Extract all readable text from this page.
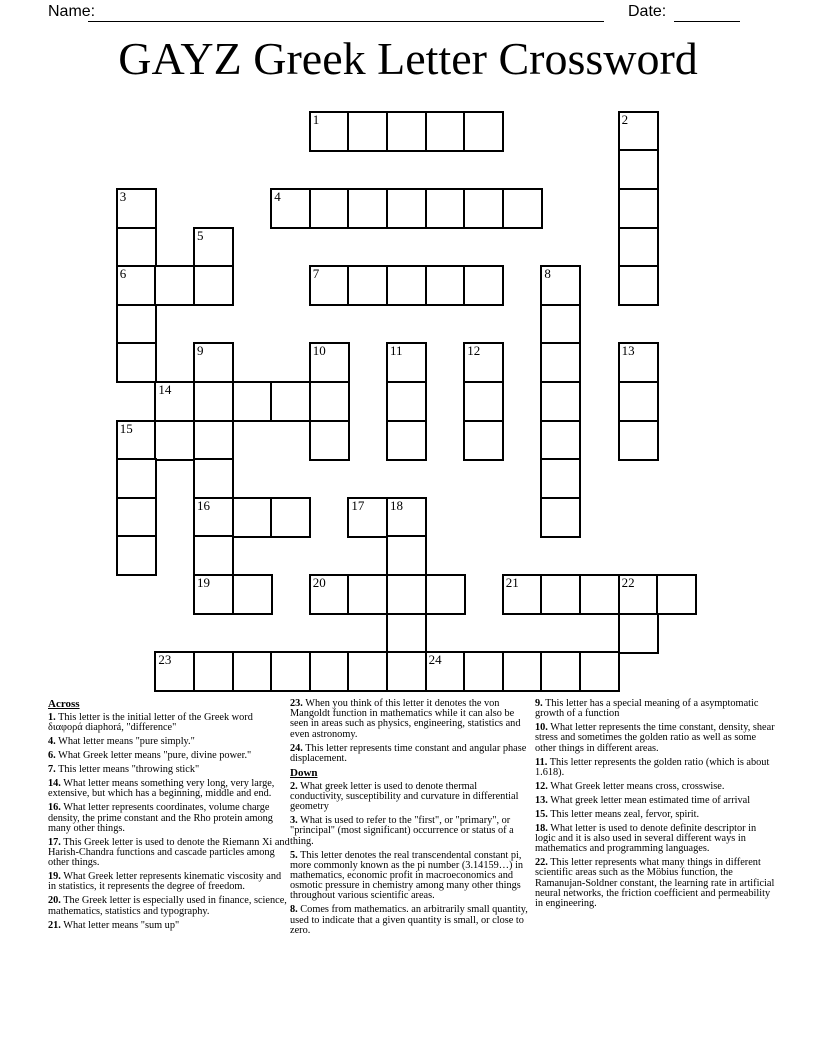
Name:	Date:
GAYZ Greek Letter Crossword
1	2
3	4
5
6	7	8
9	10	11	12	13
14
15
16	17 18
19	20	21	22
23	24
Across
1. This letter is the initial letter of the Greek word διαφορά diaphorá, "difference"
4. What letter means "pure simply."
6. What Greek letter means "pure, divine power."
7. This letter means "throwing stick"
14. What letter means something very long, very large, extensive, but which has a beginning, middle and end.
16. What letter represents coordinates, volume charge density, the prime constant and the Rho protein among many other things.
17. This Greek letter is used to denote the Riemann Xi and Harish-Chandra functions and cascade particles among other things.
19. What Greek letter represents kinematic viscosity and in statistics, it represents the degree of freedom.
20. The Greek letter is especially used in finance, science, mathematics, statistics and typography.
21. What letter means "sum up"
23. When you think of this letter it denotes the von Mangoldt function in mathematics while it can also be seen in areas such as physics, engineering, statistics and even astronomy.
24. This letter represents time constant and angular phase displacement.
Down
2. What greek letter is used to denote thermal conductivity, susceptibility and curvature in differential geometry
3. What is used to refer to the "first", or "primary", or "principal" (most significant) occurrence or status of a thing.
5. This letter denotes the real transcendental constant pi, more commonly known as the pi number (3.14159…) in mathematics, economic profit in macroeconomics and osmotic pressure in chemistry among many other things throughout various scientific areas.
8. Comes from mathematics. an arbitrarily small quantity, used to indicate that a given quantity is small, or close to zero.
9. This letter has a special meaning of a asymptomatic growth of a function
10. What letter represents the time constant, density, shear stress and sometimes the golden ratio as well as some other things in different areas.
11. This letter represents the golden ratio (which is about 1.618).
12. What Greek letter means cross, crosswise.
13. What greek letter mean estimated time of arrival
15. This letter means zeal, fervor, spirit.
18. What letter is used to denote definite descriptor in logic and it is also used in several different ways in mathematics and programming languages.
22. This letter represents what many things in different scientific areas such as the Möbius function, the Ramanujan-Soldner constant, the learning rate in artificial neural networks, the friction coefficient and permeability in engineering.
